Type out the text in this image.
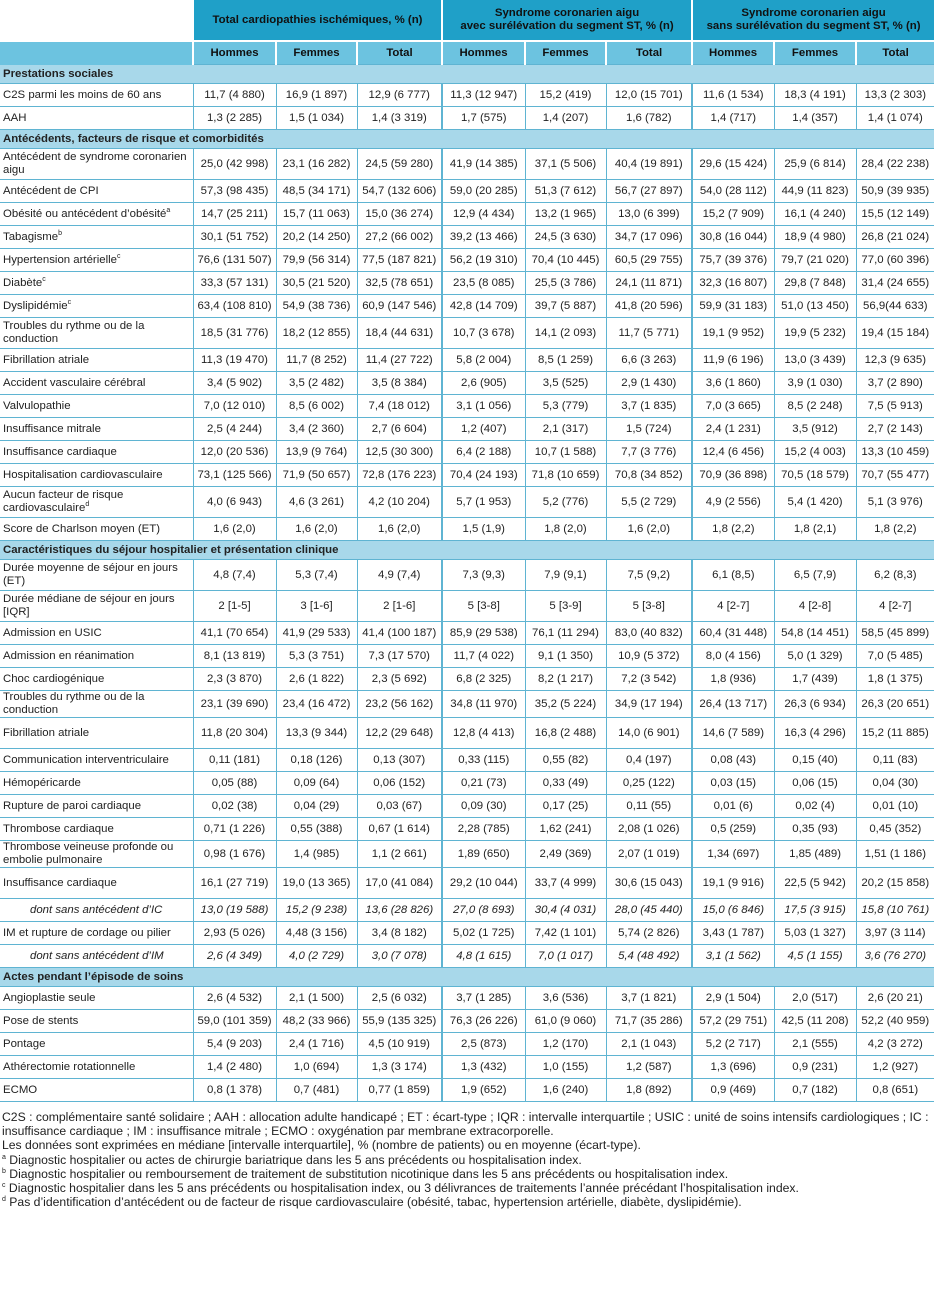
	Total cardiopathies ischémiques, % (n)			Syndrome coronarien aigu
avec surélévation du segment ST, % (n)			Syndrome coronarien aigu
sans surélévation du segment ST, % (n)		
	Hommes	Femmes	Total	Hommes	Femmes	Total	Hommes	Femmes	Total
Prestations sociales									
C2S parmi les moins de 60 ans	11,7 (4 880)	16,9 (1 897)	12,9 (6 777)	11,3 (12 947)	15,2 (419)	12,0 (15 701)	11,6 (1 534)	18,3 (4 191)	13,3 (2 303)
AAH	1,3 (2 285)	1,5 (1 034)	1,4 (3 319)	1,7 (575)	1,4 (207)	1,6 (782)	1,4 (717)	1,4 (357)	1,4 (1 074)
Antécédents, facteurs de risque et comorbidités									
Antécédent de syndrome coronarien aigu	25,0 (42 998)	23,1 (16 282)	24,5 (59 280)	41,9 (14 385)	37,1 (5 506)	40,4 (19 891)	29,6 (15 424)	25,9 (6 814)	28,4 (22 238)
Antécédent de CPI	57,3 (98 435)	48,5 (34 171)	54,7 (132 606)	59,0 (20 285)	51,3 (7 612)	56,7 (27 897)	54,0 (28 112)	44,9 (11 823)	50,9 (39 935)
Obésité ou antécédent d’obésité$^a$	14,7 (25 211)	15,7 (11 063)	15,0 (36 274)	12,9 (4 434)	13,2 (1 965)	13,0 (6 399)	15,2 (7 909)	16,1 (4 240)	15,5 (12 149)
Tabagisme$^b$	30,1 (51 752)	20,2 (14 250)	27,2 (66 002)	39,2 (13 466)	24,5 (3 630)	34,7 (17 096)	30,8 (16 044)	18,9 (4 980)	26,8 (21 024)
Hypertension artérielle$^c$	76,6 (131 507)	79,9 (56 314)	77,5 (187 821)	56,2 (19 310)	70,4 (10 445)	60,5 (29 755)	75,7 (39 376)	79,7 (21 020)	77,0 (60 396)
Diabète$^c$	33,3 (57 131)	30,5 (21 520)	32,5 (78 651)	23,5 (8 085)	25,5 (3 786)	24,1 (11 871)	32,3 (16 807)	29,8 (7 848)	31,4 (24 655)
Dyslipidémie$^c$	63,4 (108 810)	54,9 (38 736)	60,9 (147 546)	42,8 (14 709)	39,7 (5 887)	41,8 (20 596)	59,9 (31 183)	51,0 (13 450)	56,9(44 633)
Troubles du rythme ou de la conduction	18,5 (31 776)	18,2 (12 855)	18,4 (44 631)	10,7 (3 678)	14,1 (2 093)	11,7 (5 771)	19,1 (9 952)	19,9 (5 232)	19,4 (15 184)
Fibrillation atriale	11,3 (19 470)	11,7 (8 252)	11,4 (27 722)	5,8 (2 004)	8,5 (1 259)	6,6 (3 263)	11,9 (6 196)	13,0 (3 439)	12,3 (9 635)
Accident vasculaire cérébral	3,4 (5 902)	3,5 (2 482)	3,5 (8 384)	2,6 (905)	3,5 (525)	2,9 (1 430)	3,6 (1 860)	3,9 (1 030)	3,7 (2 890)
Valvulopathie	7,0 (12 010)	8,5 (6 002)	7,4 (18 012)	3,1 (1 056)	5,3 (779)	3,7 (1 835)	7,0 (3 665)	8,5 (2 248)	7,5 (5 913)
Insuffisance mitrale	2,5 (4 244)	3,4 (2 360)	2,7 (6 604)	1,2 (407)	2,1 (317)	1,5 (724)	2,4 (1 231)	3,5 (912)	2,7 (2 143)
Insuffisance cardiaque	12,0 (20 536)	13,9 (9 764)	12,5 (30 300)	6,4 (2 188)	10,7 (1 588)	7,7 (3 776)	12,4 (6 456)	15,2 (4 003)	13,3 (10 459)
Hospitalisation cardiovasculaire	73,1 (125 566)	71,9 (50 657)	72,8 (176 223)	70,4 (24 193)	71,8 (10 659)	70,8 (34 852)	70,9 (36 898)	70,5 (18 579)	70,7 (55 477)
Aucun facteur de risque cardiovasculaire$^d$	4,0 (6 943)	4,6 (3 261)	4,2 (10 204)	5,7 (1 953)	5,2 (776)	5,5 (2 729)	4,9 (2 556)	5,4 (1 420)	5,1 (3 976)
Score de Charlson moyen (ET)	1,6 (2,0)	1,6 (2,0)	1,6 (2,0)	1,5 (1,9)	1,8 (2,0)	1,6 (2,0)	1,8 (2,2)	1,8 (2,1)	1,8 (2,2)
Caractéristiques du séjour hospitalier et présentation clinique									
Durée moyenne de séjour en jours (ET)	4,8 (7,4)	5,3 (7,4)	4,9 (7,4)	7,3 (9,3)	7,9 (9,1)	7,5 (9,2)	6,1 (8,5)	6,5 (7,9)	6,2 (8,3)
Durée médiane de séjour en jours [IQR]	2 [1-5]	3 [1-6]	2 [1-6]	5 [3-8]	5 [3-9]	5 [3-8]	4 [2-7]	4 [2-8]	4 [2-7]
Admission en USIC	41,1 (70 654)	41,9 (29 533)	41,4 (100 187)	85,9 (29 538)	76,1 (11 294)	83,0 (40 832)	60,4 (31 448)	54,8 (14 451)	58,5 (45 899)
Admission en réanimation	8,1 (13 819)	5,3 (3 751)	7,3 (17 570)	11,7 (4 022)	9,1 (1 350)	10,9 (5 372)	8,0 (4 156)	5,0 (1 329)	7,0 (5 485)
Choc cardiogénique	2,3 (3 870)	2,6 (1 822)	2,3 (5 692)	6,8 (2 325)	8,2 (1 217)	7,2 (3 542)	1,8 (936)	1,7 (439)	1,8 (1 375)
Troubles du rythme ou de la conduction	23,1 (39 690)	23,4 (16 472)	23,2 (56 162)	34,8 (11 970)	35,2 (5 224)	34,9 (17 194)	26,4 (13 717)	26,3 (6 934)	26,3 (20 651)
Fibrillation atriale	11,8 (20 304)	13,3 (9 344)	12,2 (29 648)	12,8 (4 413)	16,8 (2 488)	14,0 (6 901)	14,6 (7 589)	16,3 (4 296)	15,2 (11 885)
Communication interventriculaire	0,11 (181)	0,18 (126)	0,13 (307)	0,33 (115)	0,55 (82)	0,4 (197)	0,08 (43)	0,15 (40)	0,11 (83)
Hémopéricarde	0,05 (88)	0,09 (64)	0,06 (152)	0,21 (73)	0,33 (49)	0,25 (122)	0,03 (15)	0,06 (15)	0,04 (30)
Rupture de paroi cardiaque	0,02 (38)	0,04 (29)	0,03 (67)	0,09 (30)	0,17 (25)	0,11 (55)	0,01 (6)	0,02 (4)	0,01 (10)
Thrombose cardiaque	0,71 (1 226)	0,55 (388)	0,67 (1 614)	2,28 (785)	1,62 (241)	2,08 (1 026)	0,5 (259)	0,35 (93)	0,45 (352)
Thrombose veineuse profonde ou embolie pulmonaire	0,98 (1 676)	1,4 (985)	1,1 (2 661)	1,89 (650)	2,49 (369)	2,07 (1 019)	1,34 (697)	1,85 (489)	1,51 (1 186)
Insuffisance cardiaque	16,1 (27 719)	19,0 (13 365)	17,0 (41 084)	29,2 (10 044)	33,7 (4 999)	30,6 (15 043)	19,1 (9 916)	22,5 (5 942)	20,2 (15 858)
dont sans antécédent d’IC	13,0 (19 588)	15,2 (9 238)	13,6 (28 826)	27,0 (8 693)	30,4 (4 031)	28,0 (45 440)	15,0 (6 846)	17,5 (3 915)	15,8 (10 761)
IM et rupture de cordage ou pilier	2,93 (5 026)	4,48 (3 156)	3,4 (8 182)	5,02 (1 725)	7,42 (1 101)	5,74 (2 826)	3,43 (1 787)	5,03 (1 327)	3,97 (3 114)
dont sans antécédent d’IM	2,6 (4 349)	4,0 (2 729)	3,0 (7 078)	4,8 (1 615)	7,0 (1 017)	5,4 (48 492)	3,1 (1 562)	4,5 (1 155)	3,6 (76 270)
Actes pendant l’épisode de soins									
Angioplastie seule	2,6 (4 532)	2,1 (1 500)	2,5 (6 032)	3,7 (1 285)	3,6 (536)	3,7 (1 821)	2,9 (1 504)	2,0 (517)	2,6 (20 21)
Pose de stents	59,0 (101 359)	48,2 (33 966)	55,9 (135 325)	76,3 (26 226)	61,0 (9 060)	71,7 (35 286)	57,2 (29 751)	42,5 (11 208)	52,2 (40 959)
Pontage	5,4 (9 203)	2,4 (1 716)	4,5 (10 919)	2,5 (873)	1,2 (170)	2,1 (1 043)	5,2 (2 717)	2,1 (555)	4,2 (3 272)
Athérectomie rotationnelle	1,4 (2 480)	1,0 (694)	1,3 (3 174)	1,3 (432)	1,0 (155)	1,2 (587)	1,3 (696)	0,9 (231)	1,2 (927)
ECMO	0,8 (1 378)	0,7 (481)	0,77 (1 859)	1,9 (652)	1,6 (240)	1,8 (892)	0,9 (469)	0,7 (182)	0,8 (651)

C2S : complémentaire santé solidaire ; AAH : allocation adulte handicapé ; ET : écart-type ; IQR : intervalle interquartile ; USIC : unité de soins intensifs cardiologiques ; IC : insuffisance cardiaque ; IM : insuffisance mitrale ; ECMO : oxygénation par membrane extracorporelle.

Les données sont exprimées en médiane [intervalle interquartile], % (nombre de patients) ou en moyenne (écart-type).

$^a$ Diagnostic hospitalier ou actes de chirurgie bariatrique dans les 5 ans précédents ou hospitalisation index.

$^b$ Diagnostic hospitalier ou remboursement de traitement de substitution nicotinique dans les 5 ans précédents ou hospitalisation index.

$^c$ Diagnostic hospitalier dans les 5 ans précédents ou hospitalisation index, ou 3 délivrances de traitements l’année précédant l’hospitalisation index.

$^d$ Pas d’identification d’antécédent ou de facteur de risque cardiovasculaire (obésité, tabac, hypertension artérielle, diabète, dyslipidémie).
